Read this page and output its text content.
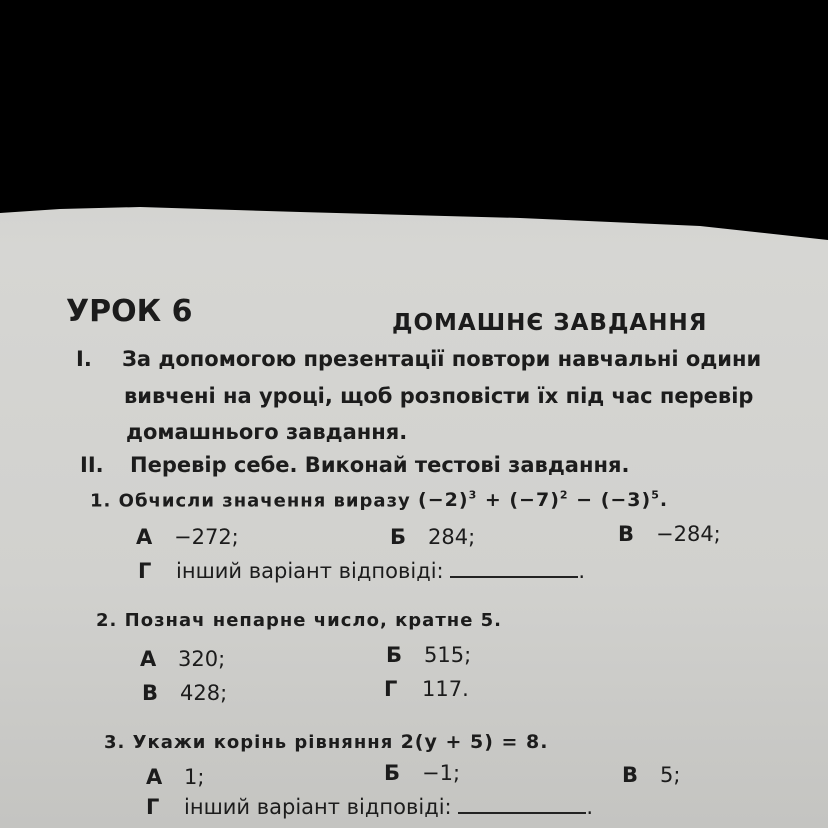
УРОК 6	ДОМАШНЄ ЗАВДАННЯ
I. За допомогою презентації повтори навчальні одини
вивчені на уроці, щоб розповісти їх під час перевір
домашнього завдання.
II. Перевір себе. Виконай тестові завдання.
1. Обчисли значення виразу $(-2)^3 + (-7)^2 - (-3)^5$.
А −272;	Б 284;	В −284;
Г інший варіант відповіді:	.
2. Познач непарне число, кратне 5.
А 320;	Б 515;
В 428;	Г 117.
3. Укажи корінь рівняння 2(y + 5) = 8.
А 1;	Б −1;	В 5;
Г інший варіант відповіді:	.
